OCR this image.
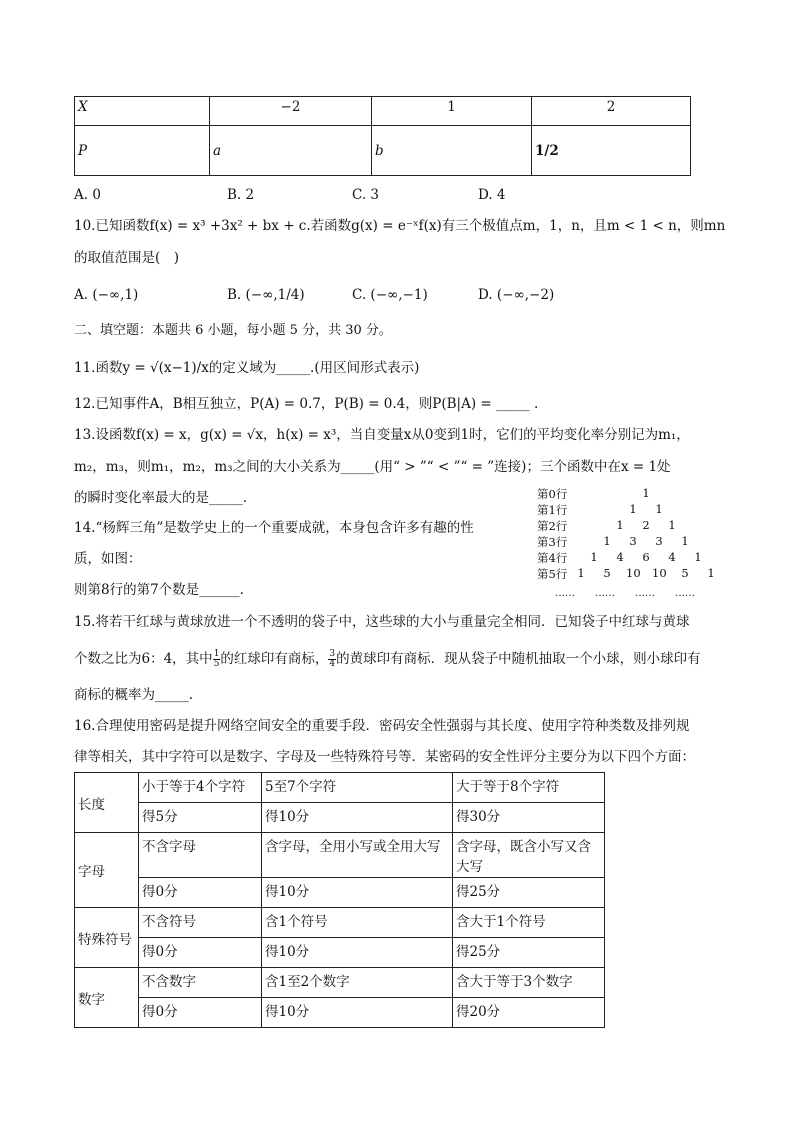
X	−2	1	2
P	a	b	1/2
A. 0	B. 2	C. 3	D. 4
10.已知函数f(x) = x³ +3x² + bx + c.若函数g(x) = e⁻ˣf(x)有三个极值点m，1，n，且m < 1 < n，则mn
的取值范围是(　)
A. (−∞,1)	B. (−∞,1/4)	C. (−∞,−1)	D. (−∞,−2)
二、填空题：本题共 6 小题，每小题 5 分，共 30 分。
11.函数y = √(x−1)/x的定义域为_____.(用区间形式表示)
12.已知事件A，B相互独立，P(A) = 0.7，P(B) = 0.4，则P(B|A) = _____ .
13.设函数f(x) = x，g(x) = √x，h(x) = x³，当自变量x从0变到1时，它们的平均变化率分别记为m₁，
m₂，m₃，则m₁，m₂，m₃之间的大小关系为_____(用“ > ”“ < ”“ = ”连接)；三个函数中在x = 1处
的瞬时变化率最大的是_____.
14.“杨辉三角”是数学史上的一个重要成就，本身包含许多有趣的性
质，如图：
则第8行的第7个数是______.
第0行	1
第1行	1 1
第2行	1 2 1
第3行	1 3 3 1
第4行 1 4 6 4 1
第5行 1 5 10 10 5 1
……　　……　　……　　……
15.将若干红球与黄球放进一个不透明的袋子中，这些球的大小与重量完全相同．已知袋子中红球与黄球
个数之比为6：4，其中 $\frac{1}{5}$ 的红球印有商标， $\frac{3}{4}$ 的黄球印有商标．现从袋子中随机抽取一个小球，则小球印有
商标的概率为_____.
16.合理使用密码是提升网络空间安全的重要手段．密码安全性强弱与其长度、使用字符种类数及排列规
律等相关，其中字符可以是数字、字母及一些特殊符号等．某密码的安全性评分主要分为以下四个方面：
长度	小于等于4个字符	5至7个字符	大于等于8个字符
	得5分	得10分	得30分
字母	不含字母	含字母，全用小写或全用大写	含字母，既含小写又含大写
	得0分	得10分	得25分
特殊符号	不含符号	含1个符号	含大于1个符号
	得0分	得10分	得25分
数字	不含数字	含1至2个数字	含大于等于3个数字
	得0分	得10分	得20分
